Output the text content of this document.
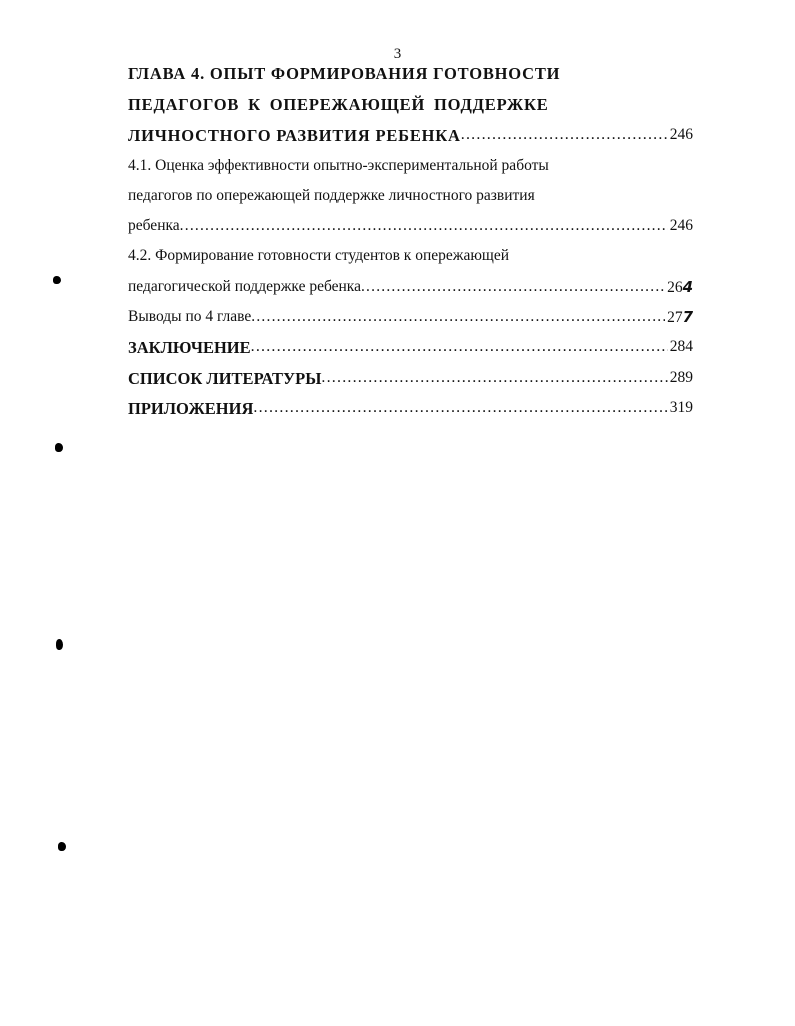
3
ГЛАВА 4. ОПЫТ ФОРМИРОВАНИЯ ГОТОВНОСТИ
ПЕДАГОГОВ К ОПЕРЕЖАЮЩЕЙ ПОДДЕРЖКЕ
ЛИЧНОСТНОГО РАЗВИТИЯ РЕБЕНКА .....	246
4.1. Оценка эффективности опытно-экспериментальной работы
педагогов по опережающей поддержке личностного развития
ребенка .....	246
4.2. Формирование готовности студентов к опережающей
педагогической поддержке ребенка .....	264
Выводы по 4 главе .....	277
ЗАКЛЮЧЕНИЕ .....	284
СПИСОК ЛИТЕРАТУРЫ .....	289
ПРИЛОЖЕНИЯ .....	319
